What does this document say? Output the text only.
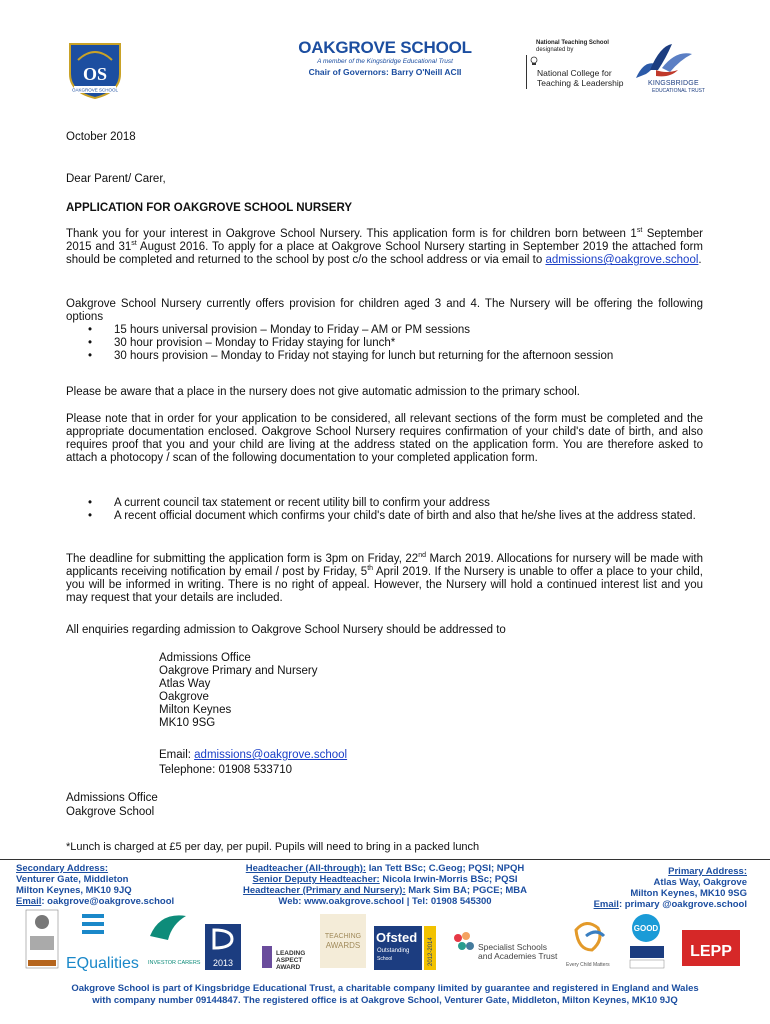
OS
OAKGROVE SCHOOL
OAKGROVE SCHOOL
A member of the Kingsbridge Educational Trust
Chair of Governors: Barry O'Neill ACII
National Teaching School
designated by
National College for
Teaching & Leadership	KINGSBRIDGE
EDUCATIONAL TRUST
October 2018
Dear Parent/ Carer,
APPLICATION FOR OAKGROVE SCHOOL NURSERY
Thank you for your interest in Oakgrove School Nursery. This application form is for children born between 1st September 2015 and 31st August 2016. To apply for a place at Oakgrove School Nursery starting in September 2019 the attached form should be completed and returned to the school by post c/o the school address or via email to admissions@oakgrove.school.
Oakgrove School Nursery currently offers provision for children aged 3 and 4. The Nursery will be offering the following options
• 15 hours universal provision – Monday to Friday – AM or PM sessions
• 30 hour provision – Monday to Friday staying for lunch*
• 30 hours provision – Monday to Friday not staying for lunch but returning for the afternoon session
Please be aware that a place in the nursery does not give automatic admission to the primary school.
Please note that in order for your application to be considered, all relevant sections of the form must be completed and the appropriate documentation enclosed. Oakgrove School Nursery requires confirmation of your child's date of birth, and also requires proof that you and your child are living at the address stated on the application form. You are therefore asked to attach a photocopy / scan of the following documentation to your completed application form.
• A current council tax statement or recent utility bill to confirm your address
• A recent official document which confirms your child's date of birth and also that he/she lives at the address stated.
The deadline for submitting the application form is 3pm on Friday, 22nd March 2019. Allocations for nursery will be made with applicants receiving notification by email / post by Friday, 5th April 2019. If the Nursery is unable to offer a place to your child, you will be informed in writing. There is no right of appeal. However, the Nursery will hold a continued interest list and you may request that your details are included.
All enquiries regarding admission to Oakgrove School Nursery should be addressed to
Admissions Office
Oakgrove Primary and Nursery
Atlas Way
Oakgrove
Milton Keynes
MK10 9SG
Email: admissions@oakgrove.school
Telephone: 01908 533710
Admissions Office
Oakgrove School
*Lunch is charged at £5 per day, per pupil. Pupils will need to bring in a packed lunch
Secondary Address:
Venturer Gate, Middleton
Milton Keynes, MK10 9JQ
Email: oakgrove@oakgrove.school
Headteacher (All-through): Ian Tett BSc; C.Geog; PQSI; NPQH
Senior Deputy Headteacher: Nicola Irwin-Morris BSc; PQSI
Headteacher (Primary and Nursery): Mark Sim BA; PGCE; MBA
Web: www.oakgrove.school | Tel: 01908 545300
Primary Address:
Atlas Way, Oakgrove
Milton Keynes, MK10 9SG
Email: primary @oakgrove.school
EQualities INVESTOR CARERS 2013
LEADING
ASPECT
AWARD
TEACHING
AWARDS
Ofsted
Outstanding
School	2012-2014	Specialist Schools
and Academies Trust
Every Child Matters
GOOD
LEPP
Oakgrove School is part of Kingsbridge Educational Trust, a charitable company limited by guarantee and registered in England and Wales
with company number 09144847. The registered office is at Oakgrove School, Venturer Gate, Middleton, Milton Keynes, MK10 9JQ
